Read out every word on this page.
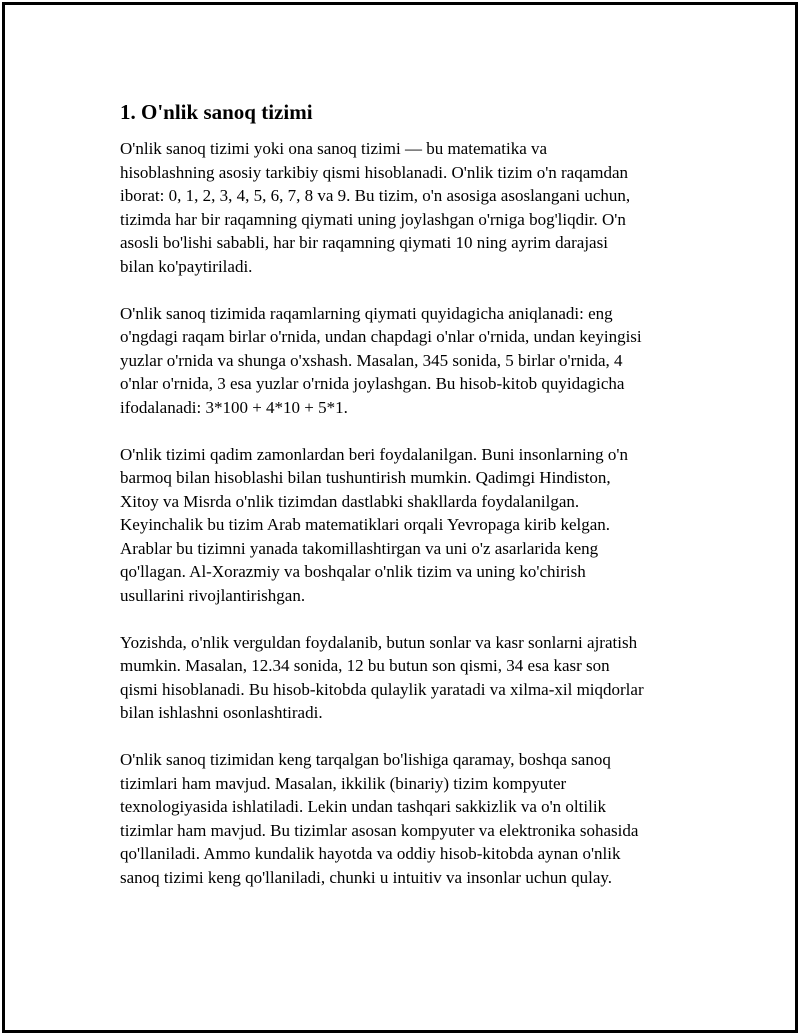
1. O'nlik sanoq tizimi

O'nlik sanoq tizimi yoki ona sanoq tizimi — bu matematika va
hisoblashning asosiy tarkibiy qismi hisoblanadi. O'nlik tizim o'n raqamdan
iborat: 0, 1, 2, 3, 4, 5, 6, 7, 8 va 9. Bu tizim, o'n asosiga asoslangani uchun,
tizimda har bir raqamning qiymati uning joylashgan o'rniga bog'liqdir. O'n
asosli bo'lishi sababli, har bir raqamning qiymati 10 ning ayrim darajasi
bilan ko'paytiriladi.

O'nlik sanoq tizimida raqamlarning qiymati quyidagicha aniqlanadi: eng
o'ngdagi raqam birlar o'rnida, undan chapdagi o'nlar o'rnida, undan keyingisi
yuzlar o'rnida va shunga o'xshash. Masalan, 345 sonida, 5 birlar o'rnida, 4
o'nlar o'rnida, 3 esa yuzlar o'rnida joylashgan. Bu hisob-kitob quyidagicha
ifodalanadi: 3*100 + 4*10 + 5*1.

O'nlik tizimi qadim zamonlardan beri foydalanilgan. Buni insonlarning o'n
barmoq bilan hisoblashi bilan tushuntirish mumkin. Qadimgi Hindiston,
Xitoy va Misrda o'nlik tizimdan dastlabki shakllarda foydalanilgan.
Keyinchalik bu tizim Arab matematiklari orqali Yevropaga kirib kelgan.
Arablar bu tizimni yanada takomillashtirgan va uni o'z asarlarida keng
qo'llagan. Al-Xorazmiy va boshqalar o'nlik tizim va uning ko'chirish
usullarini rivojlantirishgan.

Yozishda, o'nlik verguldan foydalanib, butun sonlar va kasr sonlarni ajratish
mumkin. Masalan, 12.34 sonida, 12 bu butun son qismi, 34 esa kasr son
qismi hisoblanadi. Bu hisob-kitobda qulaylik yaratadi va xilma-xil miqdorlar
bilan ishlashni osonlashtiradi.

O'nlik sanoq tizimidan keng tarqalgan bo'lishiga qaramay, boshqa sanoq
tizimlari ham mavjud. Masalan, ikkilik (binariy) tizim kompyuter
texnologiyasida ishlatiladi. Lekin undan tashqari sakkizlik va o'n oltilik
tizimlar ham mavjud. Bu tizimlar asosan kompyuter va elektronika sohasida
qo'llaniladi. Ammo kundalik hayotda va oddiy hisob-kitobda aynan o'nlik
sanoq tizimi keng qo'llaniladi, chunki u intuitiv va insonlar uchun qulay.
